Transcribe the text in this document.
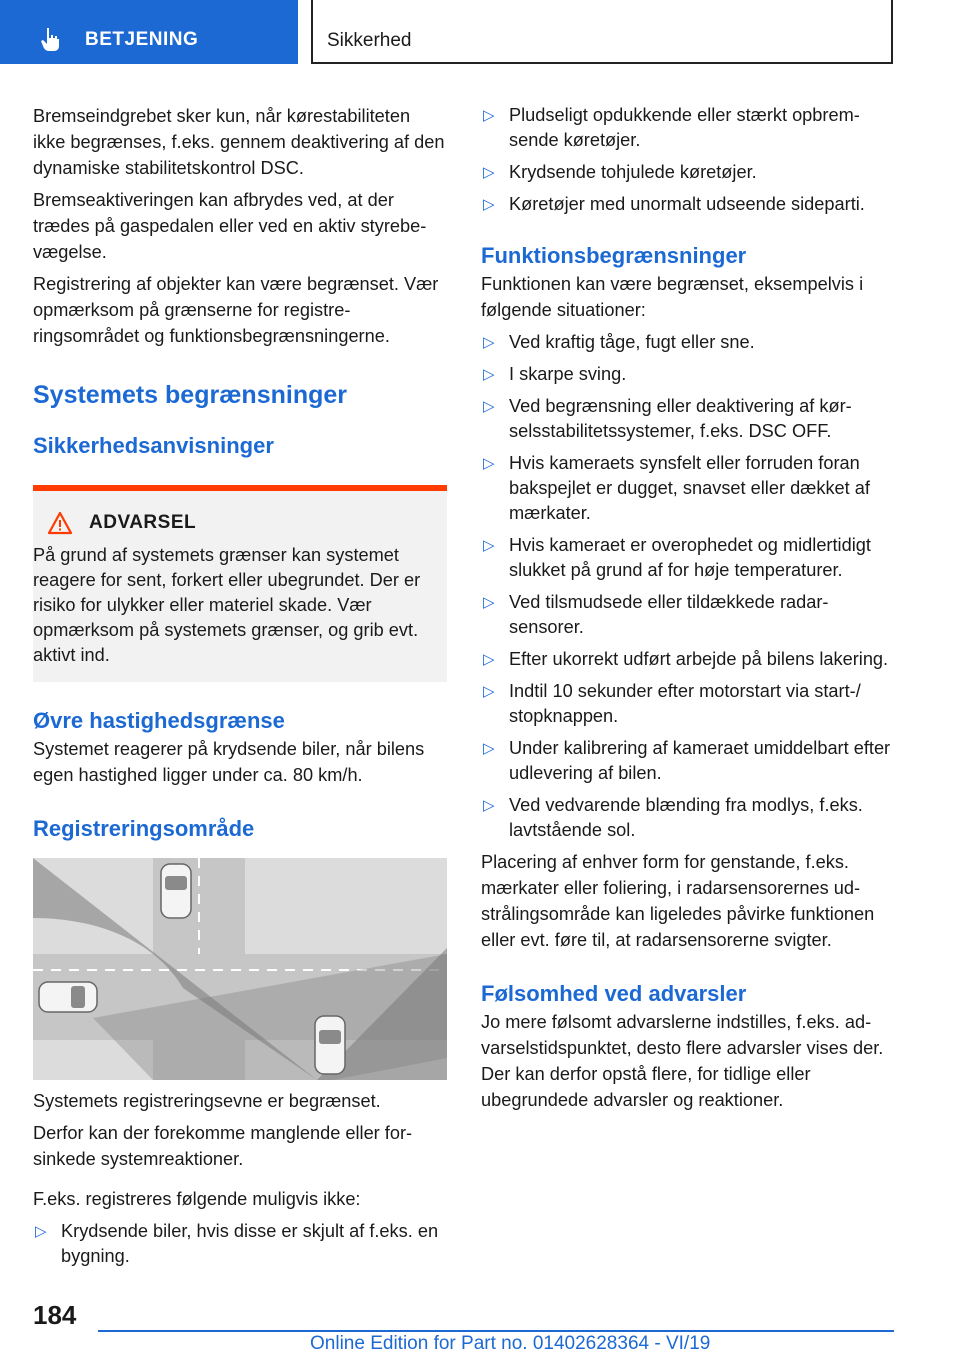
BETJENING	Sikkerhed

Bremseindgrebet sker kun, når kørestabiliteten ikke begrænses, f.eks. gennem deaktivering af den dynamiske stabilitetskontrol DSC.

Bremseaktiveringen kan afbrydes ved, at der trædes på gaspedalen eller ved en aktiv styrebevægelse.

Registrering af objekter kan være begrænset. Vær opmærksom på grænserne for registreringsområdet og funktionsbegrænsningerne.

Systemets begrænsninger
Sikkerhedsanvisninger
ADVARSEL

På grund af systemets grænser kan systemet reagere for sent, forkert eller ubegrundet. Der er risiko for ulykker eller materiel skade. Vær opmærksom på systemets grænser, og grib evt. aktivt ind.

Øvre hastighedsgrænse

Systemet reagerer på krydsende biler, når bilens egen hastighed ligger under ca. 80 km/h.

Registreringsområde

Systemets registreringsevne er begrænset.

Derfor kan der forekomme manglende eller forsinkede systemreaktioner.

F.eks. registreres følgende muligvis ikke:

▷ Krydsende biler, hvis disse er skjult af f.eks. en bygning.
▷ Pludseligt opdukkende eller stærkt opbremsende køretøjer.
▷ Krydsende tohjulede køretøjer.
▷ Køretøjer med unormalt udseende sideparti.
Funktionsbegrænsninger

Funktionen kan være begrænset, eksempelvis i følgende situationer:

▷ Ved kraftig tåge, fugt eller sne.
▷ I skarpe sving.
▷ Ved begrænsning eller deaktivering af kørselsstabilitetssystemer, f.eks. DSC OFF.
▷ Hvis kameraets synsfelt eller forruden foran bakspejlet er dugget, snavset eller dækket af mærkater.
▷ Hvis kameraet er overophedet og midlertidigt slukket på grund af for høje temperaturer.
▷ Ved tilsmudsede eller tildækkede radarsensorer.
▷ Efter ukorrekt udført arbejde på bilens lakering.
▷ Indtil 10 sekunder efter motorstart via start-/ stopknappen.
▷ Under kalibrering af kameraet umiddelbart efter udlevering af bilen.
▷ Ved vedvarende blænding fra modlys, f.eks. lavtstående sol.

Placering af enhver form for genstande, f.eks. mærkater eller foliering, i radarsensorernes udstrålingsområde kan ligeledes påvirke funktionen eller evt. føre til, at radarsensorerne svigter.

Følsomhed ved advarsler

Jo mere følsomt advarslerne indstilles, f.eks. advarselstidspunktet, desto flere advarsler vises der. Der kan derfor opstå flere, for tidlige eller ubegrundede advarsler og reaktioner.

184
Online Edition for Part no. 01402628364 - VI/19
